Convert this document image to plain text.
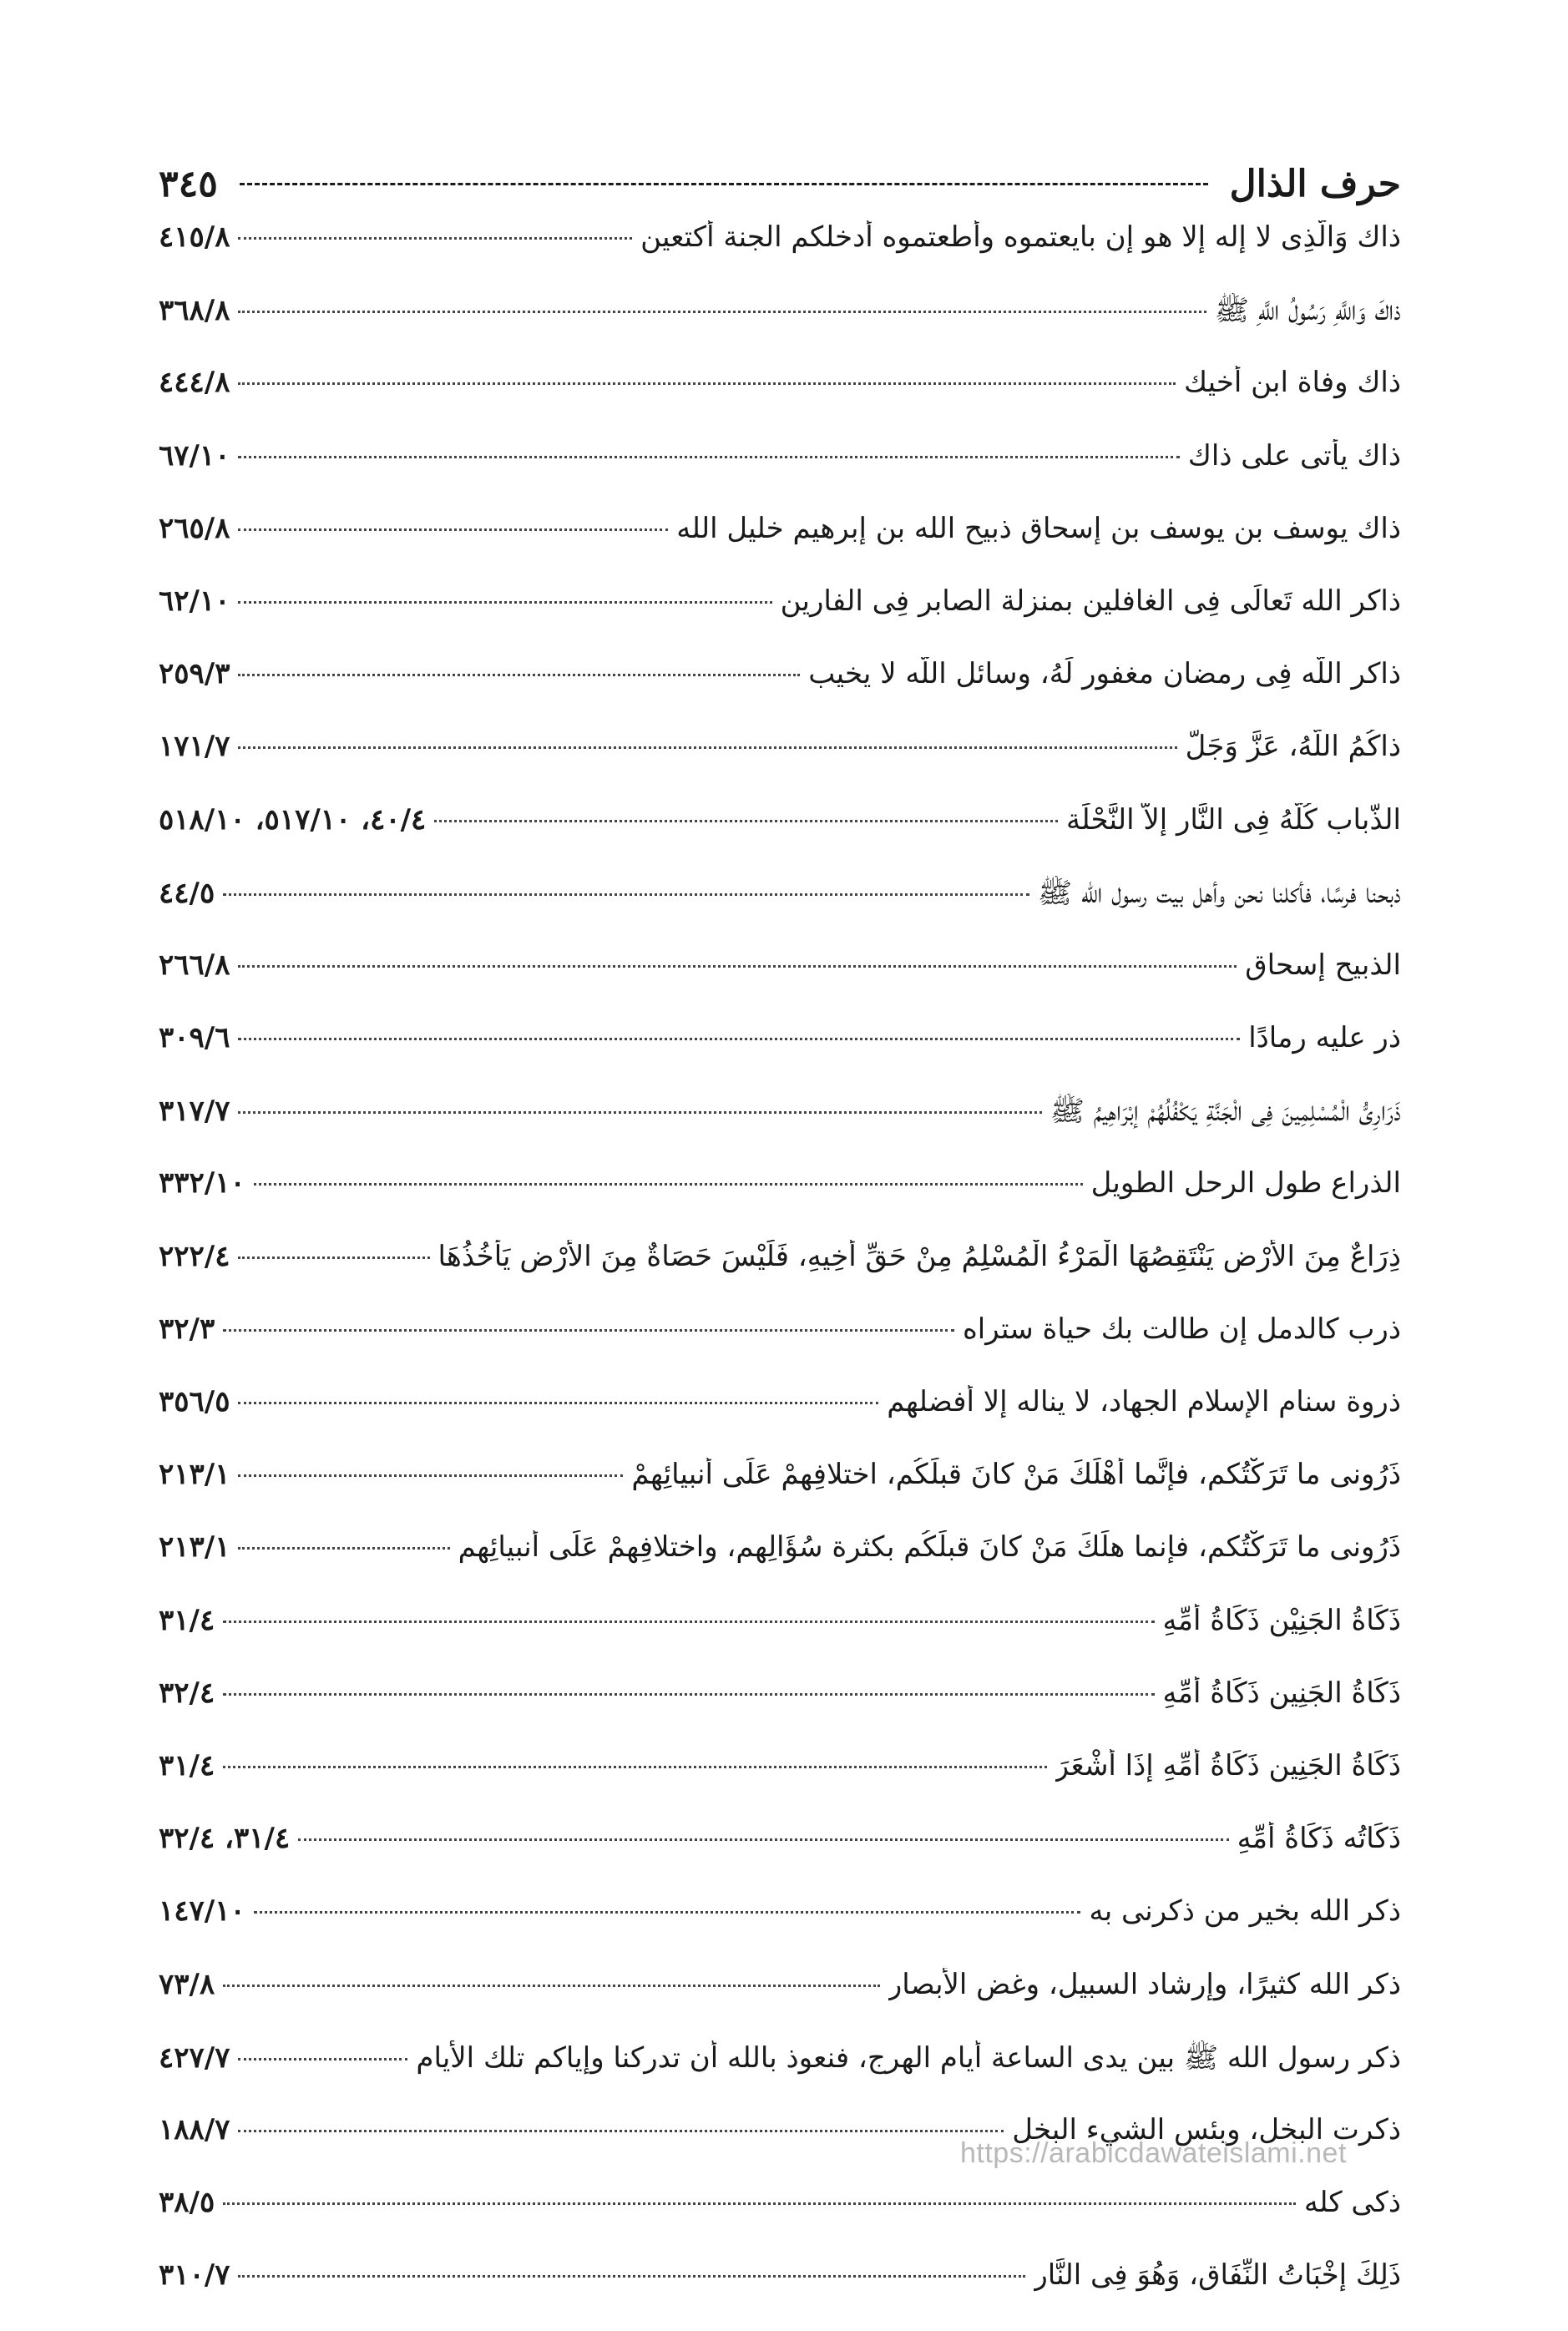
حرف الذال
٣٤٥
ذاك وَالَّذِى لا إله إلا هو إن بايعتموه وأطعتموه أدخلكم الجنة أكتعين
٤١٥/٨
ذاكَ وَاللَّهِ رَسُولُ اللَّهِ ﷺ
٣٦٨/٨
ذاك وفاة ابن أخيك
٤٤٤/٨
ذاك يأتى على ذاك
٦٧/١٠
ذاك يوسف بن يوسف بن إسحاق ذبيح الله بن إبرهيم خليل الله
٢٦٥/٨
ذاكر الله تَعالَى فِى الغافلين بمنزلة الصابر فِى الفارين
٦٢/١٠
ذاكر اللَّه فِى رمضان مغفور لَهُ، وسائل اللَّه لا يخيب
٢٥٩/٣
ذاكُمُ اللَّهُ، عَزَّ وَجَلَّ
١٧١/٧
الذُّباب كُلُّهُ فِى النَّارِ إلاَّ النَّحْلَة
٤٠/٤، ٥١٧/١٠، ٥١٨/١٠
ذبحنا فرسًا، فأكلنا نحن وأهل بيت رسول الله ﷺ
٤٤/٥
الذبيح إسحاق
٢٦٦/٨
ذر عليه رمادًا
٣٠٩/٦
ذَرَارِىُّ الْمُسْلِمِينَ فِى الْجَنَّةِ يَكْفُلُهُمْ إبْرَاهِيمُ ﷺ
٣١٧/٧
الذراع طول الرحل الطويل
٣٣٢/١٠
ذِرَاعٌ مِنَ الأرْضِ يَنْتَقِصُهَا الْمَرْءُ الْمُسْلِمُ مِنْ حَقِّ أخِيهِ، فَلَيْسَ حَصَاةٌ مِنَ الأرْضِ يَأخُذُهَا
٢٢٢/٤
ذرب كالدمل إن طالت بك حياة ستراه
٣٢/٣
ذروة سنام الإسلام الجهاد، لا يناله إلا أفضلهم
٣٥٦/٥
ذَرُونى ما تَرَكْتُكم، فإنَّما أهْلَكَ مَنْ كانَ قبلَكُم، اختلافِهِمْ عَلَى أنبيائِهِمْ
٢١٣/١
ذَرُونى ما تَرَكْتُكم، فإنما هلَكَ مَنْ كانَ قبلَكُم بكثرة سُؤَالِهِم، واختلافِهِمْ عَلَى أنبيائِهِم
٢١٣/١
ذَكَاةُ الجَنِيْنِ ذَكَاةُ أُمِّهِ
٣١/٤
ذَكَاةُ الجَنِينِ ذَكَاةُ أُمِّهِ
٣٢/٤
ذَكَاةُ الجَنِينِ ذَكَاةُ أُمِّهِ إذَا أشْعَرَ
٣١/٤
ذَكَاتُه ذَكَاةُ أُمِّهِ
٣١/٤، ٣٢/٤
ذكر الله بخير من ذكرنى به
١٤٧/١٠
ذكر الله كثيرًا، وإرشاد السبيل، وغض الأبصار
٧٣/٨
ذكر رسول الله ﷺ بين يدى الساعة أيام الهرج، فنعوذ بالله أن تدركنا وإياكم تلك الأيام
٤٢٧/٧
ذكرت البخل، وبئس الشيء البخل
١٨٨/٧
ذكى كله
٣٨/٥
ذَلِكَ إخْبَاتُ النِّفَاق، وَهُوَ فِى النَّار
٣١٠/٧
https://arabicdawateislami.net
